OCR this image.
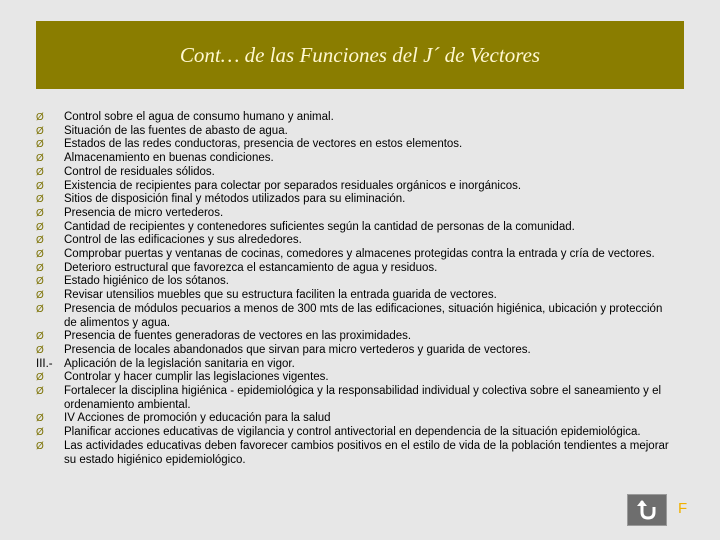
Cont… de las Funciones del J´ de Vectores
Ø	Control sobre el agua de consumo humano y animal.
Ø	Situación de las fuentes de abasto de agua.
Ø	Estados de las redes conductoras, presencia de vectores en estos elementos.
Ø	Almacenamiento en buenas condiciones.
Ø	Control de residuales sólidos.
Ø	Existencia de recipientes para colectar por separados residuales orgánicos e inorgánicos.
Ø	Sitios de disposición final y métodos utilizados para su eliminación.
Ø	Presencia de micro vertederos.
Ø	Cantidad de recipientes y contenedores suficientes según la cantidad de personas de la comunidad.
Ø	Control de las edificaciones y sus alrededores.
Ø	Comprobar puertas y ventanas de cocinas, comedores y almacenes protegidas contra la entrada y cría de vectores.
Ø	Deterioro estructural que favorezca el estancamiento de agua y residuos.
Ø	Estado higiénico de los sótanos.
Ø	Revisar utensilios muebles que su estructura faciliten la entrada guarida de vectores.
Ø	Presencia de módulos pecuarios a menos de 300 mts de las edificaciones, situación higiénica, ubicación y protección de alimentos y agua.
Ø	Presencia de fuentes generadoras de vectores en las proximidades.
Ø	Presencia de locales abandonados que sirvan para micro vertederos y guarida de vectores.
III.- Aplicación de la legislación sanitaria en vigor.
Ø	Controlar y hacer cumplir las legislaciones vigentes.
Ø	Fortalecer la disciplina higiénica - epidemiológica y la responsabilidad individual y colectiva sobre el saneamiento y el ordenamiento ambiental.
Ø	IV Acciones de promoción y educación para la salud
Ø	Planificar acciones educativas de vigilancia y control antivectorial en dependencia de la situación epidemiológica.
Ø	Las actividades educativas deben favorecer cambios positivos en el estilo de vida de la población tendientes a mejorar su estado higiénico epidemiológico.
F
